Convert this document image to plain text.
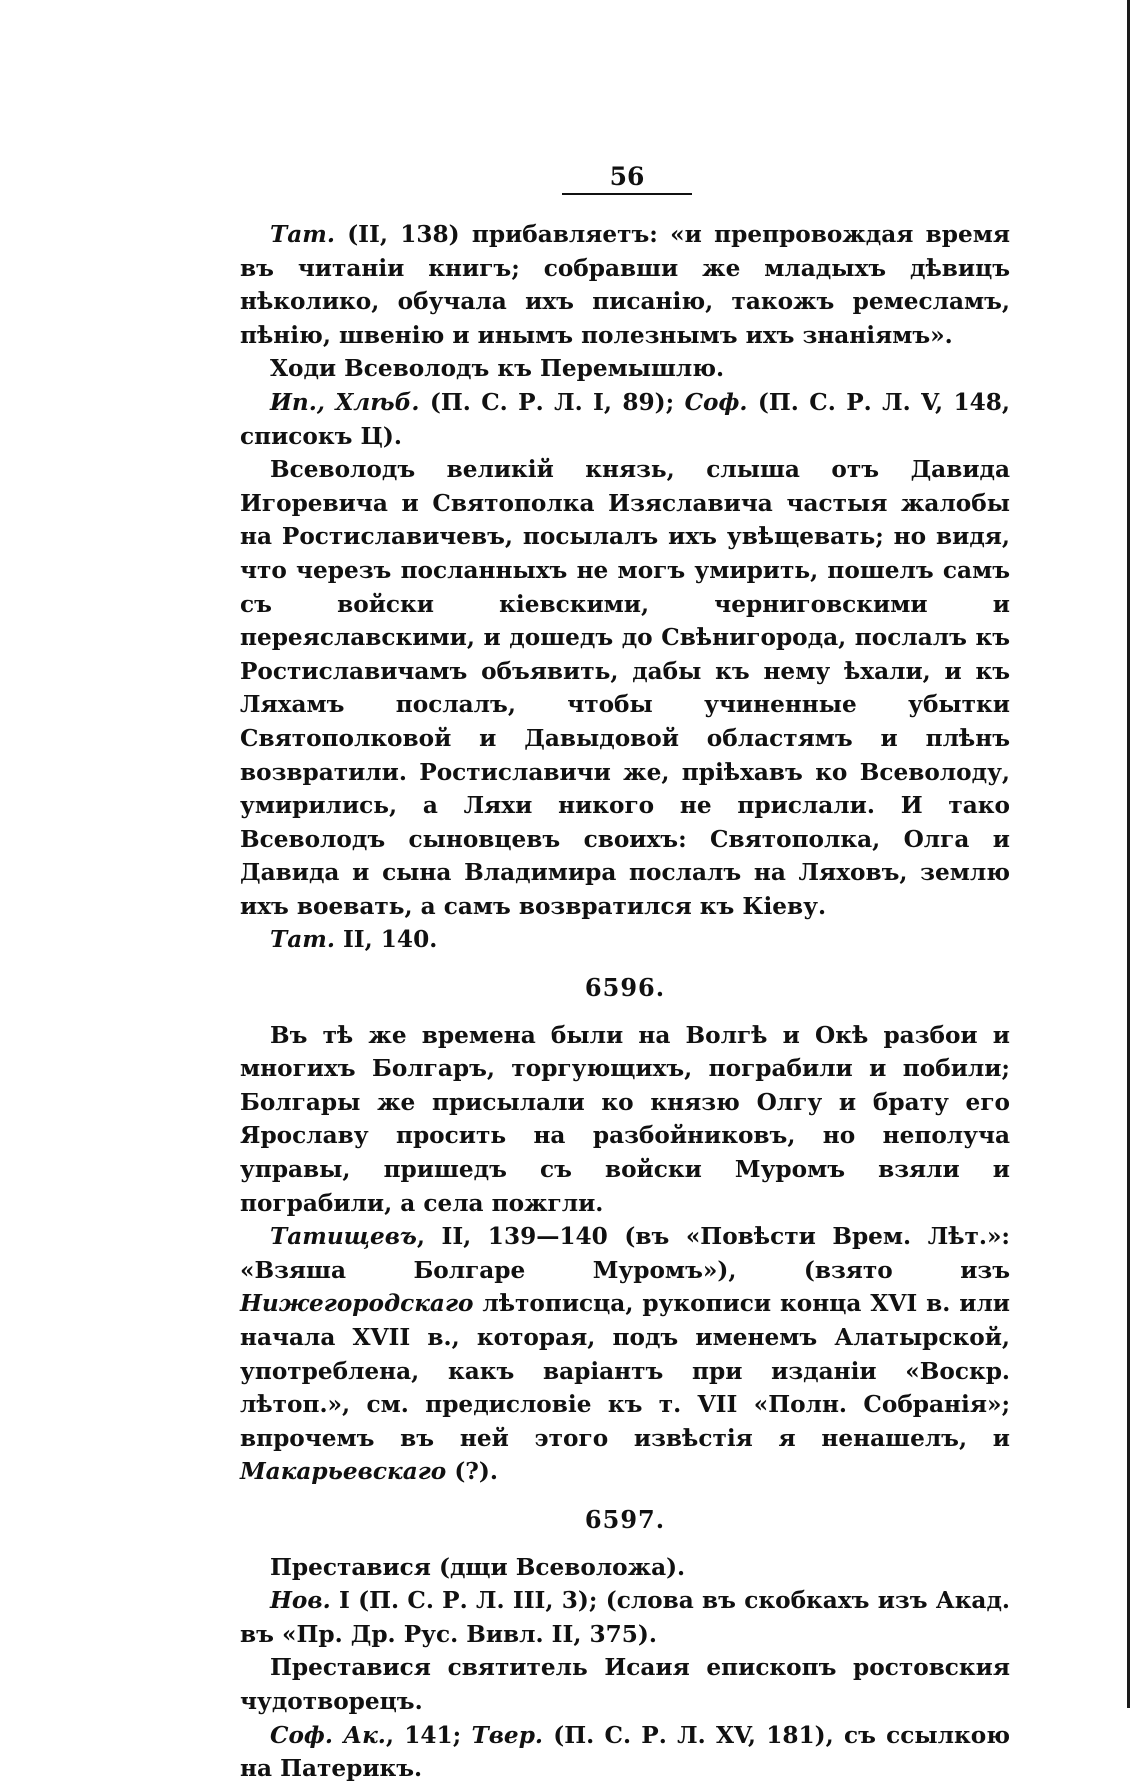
56

Тат. (II, 138) прибавляетъ: «и препровождая время въ читаніи книгъ; собравши же младыхъ дѣвицъ нѣколико, обучала ихъ писанію, такожъ ремесламъ, пѣнію, швенію и инымъ полезнымъ ихъ знаніямъ».

Ходи Всеволодъ къ Перемышлю.

Ип., Хлѣб. (П. С. Р. Л. I, 89); Соф. (П. С. Р. Л. V, 148, списокъ Ц).

Всеволодъ великій князь, слыша отъ Давида Игоревича и Святополка Изяславича частыя жалобы на Ростиславичевъ, посылалъ ихъ увѣщевать; но видя, что черезъ посланныхъ не могъ умирить, пошелъ самъ съ войски кіевскими, черниговскими и переяславскими, и дошедъ до Свѣнигорода, послалъ къ Ростиславичамъ объявить, дабы къ нему ѣхали, и къ Ляхамъ послалъ, чтобы учиненные убытки Святополковой и Давыдовой областямъ и плѣнъ возвратили. Ростиславичи же, пріѣхавъ ко Всеволоду, умирились, а Ляхи никого не прислали. И тако Всеволодъ сыновцевъ своихъ: Святополка, Олга и Давида и сына Владимира послалъ на Ляховъ, землю ихъ воевать, а самъ возвратился къ Кіеву.

Тат. II, 140.

6596.

Въ тѣ же времена были на Волгѣ и Окѣ разбои и многихъ Болгаръ, торгующихъ, пограбили и побили; Болгары же присылали ко князю Олгу и брату его Ярославу просить на разбойниковъ, но неполуча управы, пришедъ съ войски Муромъ взяли и пограбили, а села пожгли.

Татищевъ, II, 139—140 (въ «Повѣсти Врем. Лѣт.»: «Взяша Болгаре Муромъ»), (взято изъ Нижегородскаго лѣтописца, рукописи конца XVI в. или начала XVII в., которая, подъ именемъ Алатырской, употреблена, какъ варіантъ при изданіи «Воскр. лѣтоп.», см. предисловіе къ т. VII «Полн. Собранія»; впрочемъ въ ней этого извѣстія я ненашелъ, и Макарьевскаго (?).

6597.

Преставися (дщи Всеволожа).

Нов. I (П. С. Р. Л. III, 3); (слова въ скобкахъ изъ Акад. въ «Пр. Др. Рус. Вивл. II, 375).

Преставися святитель Исаия епископъ ростовския чудотворецъ.

Соф. Ак., 141; Твер. (П. С. Р. Л. XV, 181), съ ссылкою на Патерикъ.
